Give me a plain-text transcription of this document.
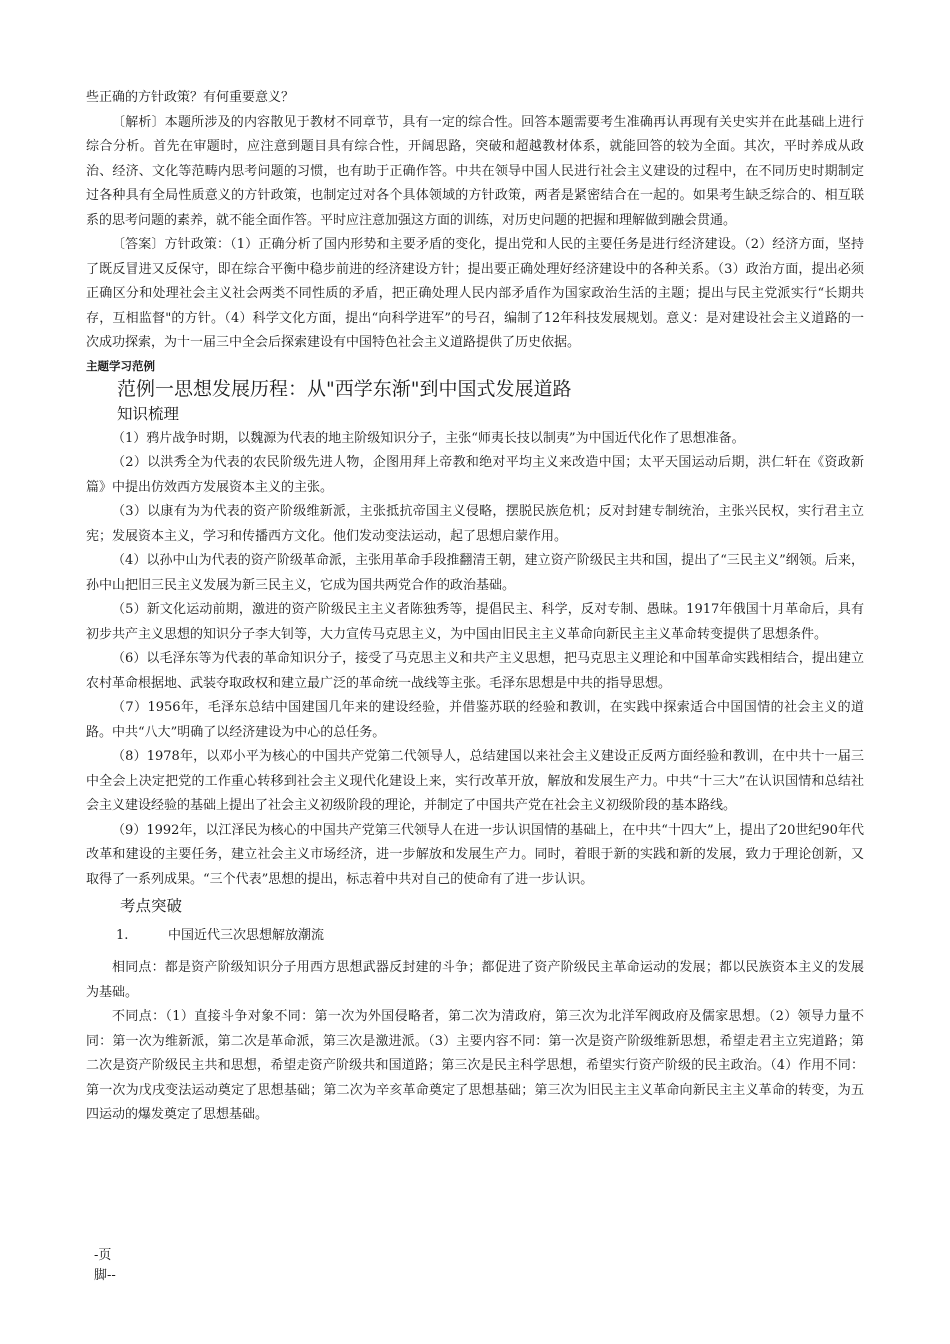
些正确的方针政策？有何重要意义？

〔解析〕本题所涉及的内容散见于教材不同章节，具有一定的综合性。回答本题需要考生准确再认再现有关史实并在此基础上进行综合分析。首先在审题时，应注意到题目具有综合性，开阔思路，突破和超越教材体系，就能回答的较为全面。其次，平时养成从政治、经济、文化等范畴内思考问题的习惯，也有助于正确作答。中共在领导中国人民进行社会主义建设的过程中，在不同历史时期制定过各种具有全局性质意义的方针政策，也制定过对各个具体领域的方针政策，两者是紧密结合在一起的。如果考生缺乏综合的、相互联系的思考问题的素养，就不能全面作答。平时应注意加强这方面的训练，对历史问题的把握和理解做到融会贯通。

〔答案〕方针政策：（1）正确分析了国内形势和主要矛盾的变化，提出党和人民的主要任务是进行经济建设。（2）经济方面，坚持了既反冒进又反保守，即在综合平衡中稳步前进的经济建设方针；提出要正确处理好经济建设中的各种关系。（3）政治方面，提出必须正确区分和处理社会主义社会两类不同性质的矛盾，把正确处理人民内部矛盾作为国家政治生活的主题；提出与民主党派实行“长期共存，互相监督"的方针。（4）科学文化方面，提出“向科学进军”的号召，编制了12年科技发展规划。意义：是对建设社会主义道路的一次成功探索，为十一届三中全会后探索建设有中国特色社会主义道路提供了历史依据。

主题学习范例

范例一思想发展历程：从"西学东渐"到中国式发展道路

知识梳理

（1）鸦片战争时期，以魏源为代表的地主阶级知识分子，主张“师夷长技以制夷”为中国近代化作了思想准备。

（2）以洪秀全为代表的农民阶级先进人物，企图用拜上帝教和绝对平均主义来改造中国；太平天国运动后期，洪仁轩在《资政新篇》中提出仿效西方发展资本主义的主张。

（3）以康有为为代表的资产阶级维新派，主张抵抗帝国主义侵略，摆脱民族危机；反对封建专制统治，主张兴民权，实行君主立宪；发展资本主义，学习和传播西方文化。他们发动变法运动，起了思想启蒙作用。

（4）以孙中山为代表的资产阶级革命派，主张用革命手段推翻清王朝，建立资产阶级民主共和国，提出了“三民主义”纲领。后来，孙中山把旧三民主义发展为新三民主义，它成为国共两党合作的政治基础。

（5）新文化运动前期，激进的资产阶级民主主义者陈独秀等，提倡民主、科学，反对专制、愚昧。1917年俄国十月革命后，具有初步共产主义思想的知识分子李大钊等，大力宣传马克思主义，为中国由旧民主主义革命向新民主主义革命转变提供了思想条件。

（6）以毛泽东等为代表的革命知识分子，接受了马克思主义和共产主义思想，把马克思主义理论和中国革命实践相结合，提出建立农村革命根据地、武装夺取政权和建立最广泛的革命统一战线等主张。毛泽东思想是中共的指导思想。

（7）1956年，毛泽东总结中国建国几年来的建设经验，并借鉴苏联的经验和教训，在实践中探索适合中国国情的社会主义的道路。中共“八大”明确了以经济建设为中心的总任务。

（8）1978年，以邓小平为核心的中国共产党第二代领导人，总结建国以来社会主义建设正反两方面经验和教训，在中共十一届三中全会上决定把党的工作重心转移到社会主义现代化建设上来，实行改革开放，解放和发展生产力。中共“十三大”在认识国情和总结社会主义建设经验的基础上提出了社会主义初级阶段的理论，并制定了中国共产党在社会主义初级阶段的基本路线。

（9）1992年，以江泽民为核心的中国共产党第三代领导人在进一步认识国情的基础上，在中共“十四大”上，提出了20世纪90年代改革和建设的主要任务，建立社会主义市场经济，进一步解放和发展生产力。同时，着眼于新的实践和新的发展，致力于理论创新，又取得了一系列成果。“三个代表”思想的提出，标志着中共对自己的使命有了进一步认识。

考点突破

1.	中国近代三次思想解放潮流

相同点：都是资产阶级知识分子用西方思想武器反封建的斗争；都促进了资产阶级民主革命运动的发展；都以民族资本主义的发展为基础。

不同点：（1）直接斗争对象不同：第一次为外国侵略者，第二次为清政府，第三次为北洋军阀政府及儒家思想。（2）领导力量不同：第一次为维新派，第二次是革命派，第三次是激进派。（3）主要内容不同：第一次是资产阶级维新思想，希望走君主立宪道路；第二次是资产阶级民主共和思想，希望走资产阶级共和国道路；第三次是民主科学思想，希望实行资产阶级的民主政治。（4）作用不同：第一次为戊戌变法运动奠定了思想基础；第二次为辛亥革命奠定了思想基础；第三次为旧民主主义革命向新民主主义革命的转变，为五四运动的爆发奠定了思想基础。

-页
脚--
